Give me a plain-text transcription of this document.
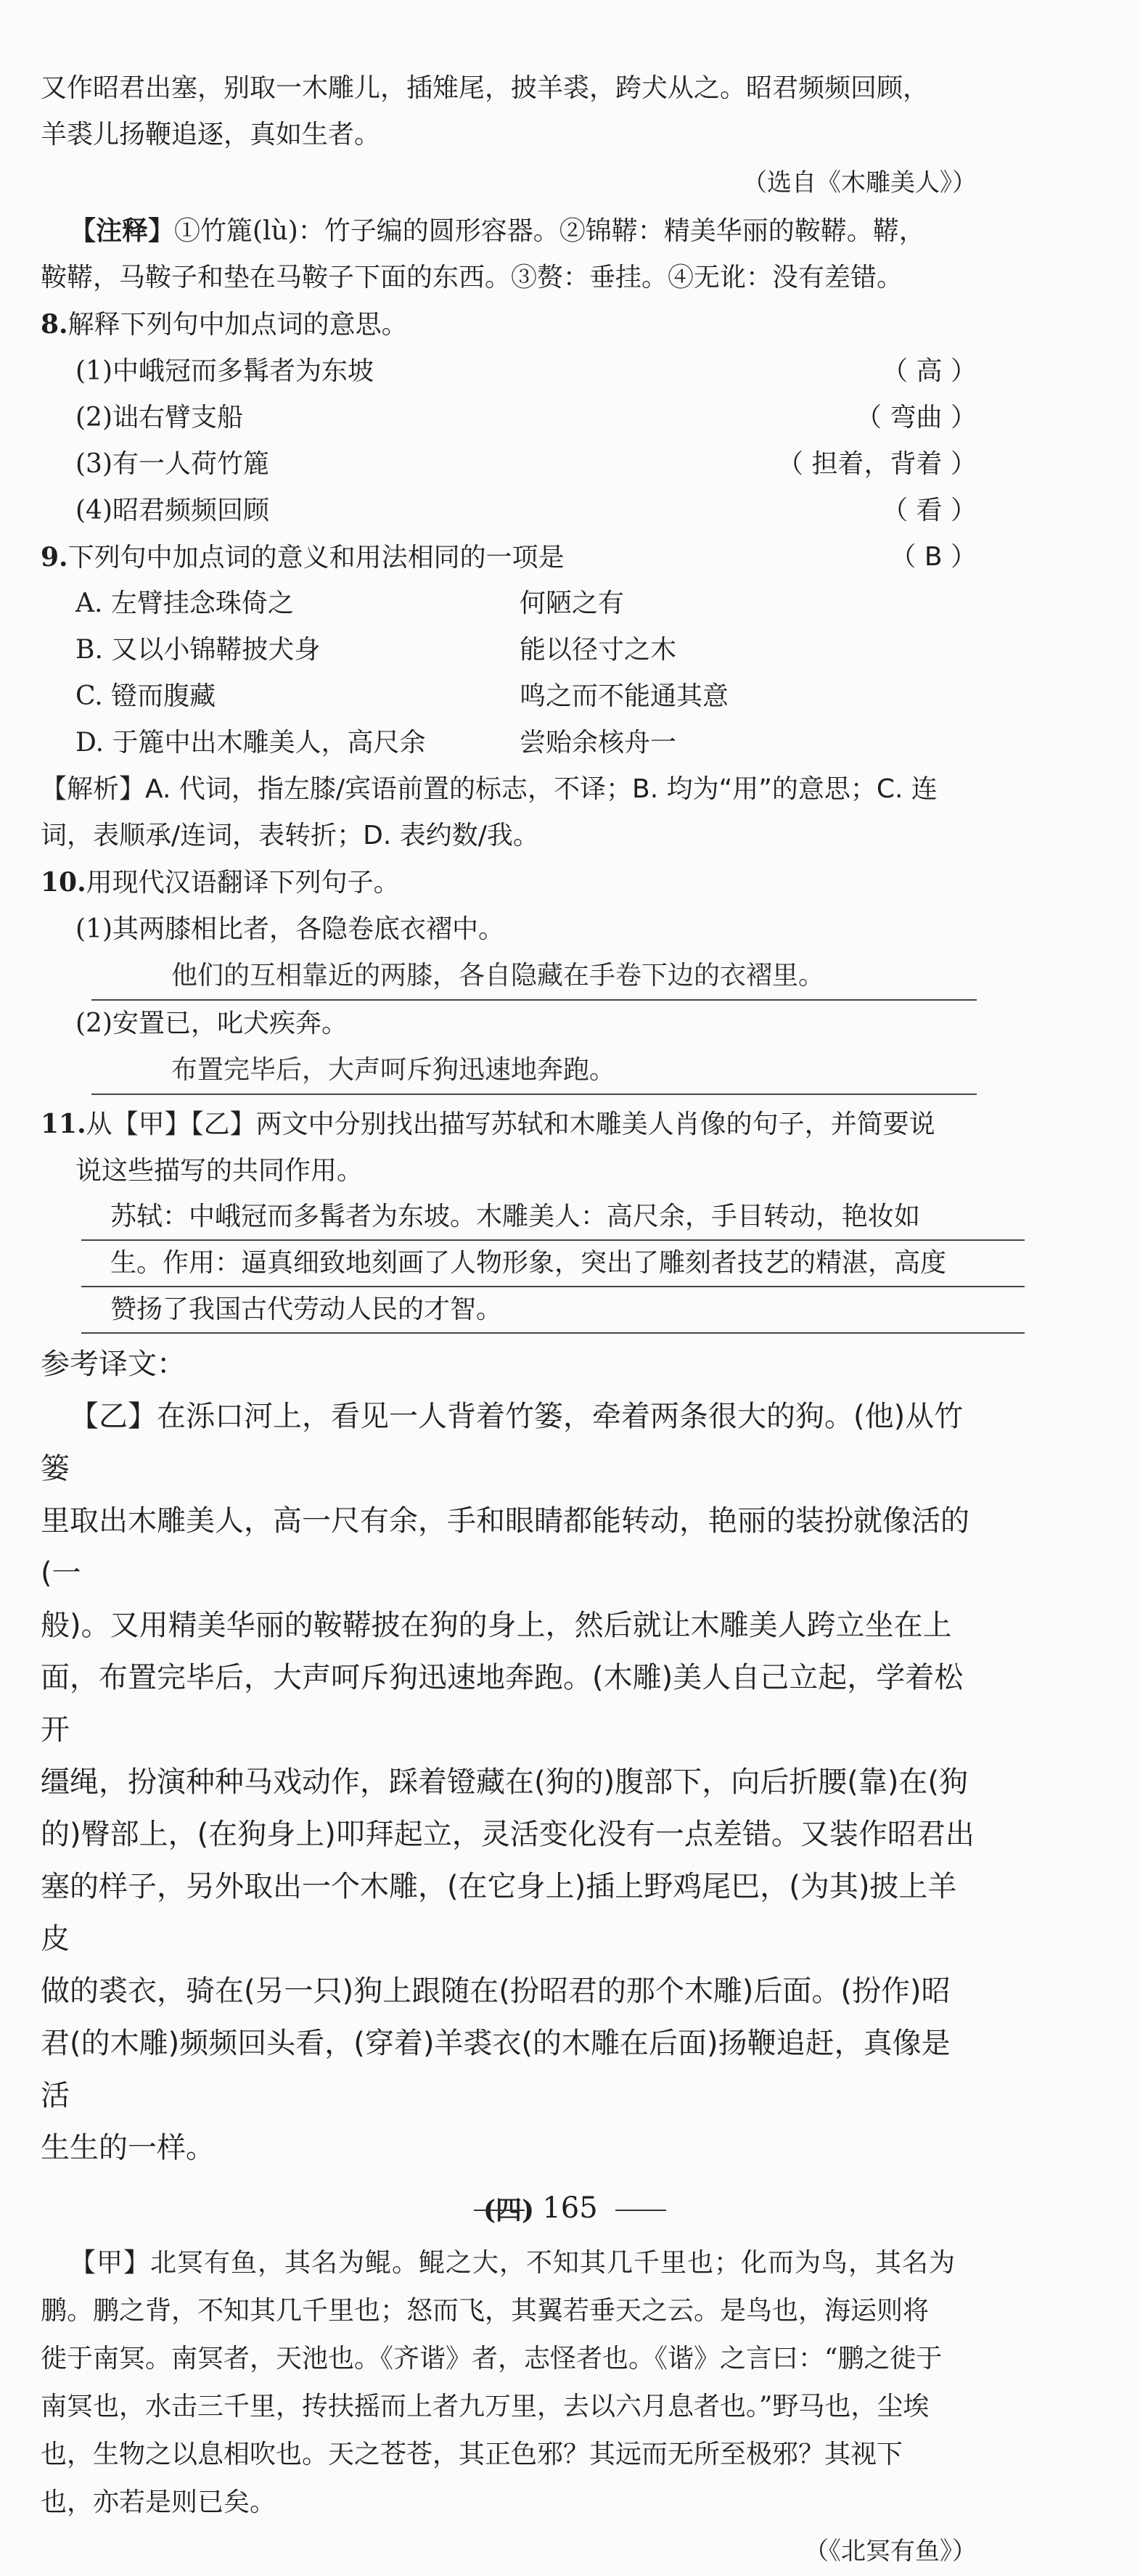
又作昭君出塞，别取一木雕儿，插雉尾，披羊裘，跨犬从之。昭君频频回顾，

羊裘儿扬鞭追逐，真如生者。

（选自《木雕美人》）

【注释】①竹簏(lù)：竹子编的圆形容器。②锦鞯：精美华丽的鞍鞯。鞯，

鞍鞯，马鞍子和垫在马鞍子下面的东西。③赘：垂挂。④无讹：没有差错。

8.解释下列句中加点词的意思。

(1)中峨冠而多髯者为东坡	（ 高 ）
(2)诎右臂支船	（ 弯曲 ）
(3)有一人荷竹簏	（ 担着，背着 ）
(4)昭君频频回顾	（ 看 ）
9.下列句中加点词的意义和用法相同的一项是	（ B ）
A. 左臂挂念珠倚之	何陋之有
B. 又以小锦鞯披犬身	能以径寸之木
C. 镫而腹藏	鸣之而不能通其意
D. 于簏中出木雕美人，高尺余	尝贻余核舟一

【解析】A. 代词，指左膝/宾语前置的标志，不译；B. 均为“用”的意思；C. 连

词，表顺承/连词，表转折；D. 表约数/我。

10.用现代汉语翻译下列句子。

(1)其两膝相比者，各隐卷底衣褶中。

他们的互相靠近的两膝，各自隐藏在手卷下边的衣褶里。

(2)安置已，叱犬疾奔。

布置完毕后，大声呵斥狗迅速地奔跑。

11.从【甲】【乙】两文中分别找出描写苏轼和木雕美人肖像的句子，并简要说

说这些描写的共同作用。

苏轼：中峨冠而多髯者为东坡。木雕美人：高尺余，手目转动，艳妆如
生。作用：逼真细致地刻画了人物形象，突出了雕刻者技艺的精湛，高度
赞扬了我国古代劳动人民的才智。

参考译文：

【乙】在泺口河上，看见一人背着竹篓，牵着两条很大的狗。(他)从竹篓

里取出木雕美人，高一尺有余，手和眼睛都能转动，艳丽的装扮就像活的(一

般)。又用精美华丽的鞍鞯披在狗的身上，然后就让木雕美人跨立坐在上

面，布置完毕后，大声呵斥狗迅速地奔跑。(木雕)美人自己立起，学着松开

缰绳，扮演种种马戏动作，踩着镫藏在(狗的)腹部下，向后折腰(靠)在(狗

的)臀部上，(在狗身上)叩拜起立，灵活变化没有一点差错。又装作昭君出

塞的样子，另外取出一个木雕，(在它身上)插上野鸡尾巴，(为其)披上羊皮

做的裘衣，骑在(另一只)狗上跟随在(扮昭君的那个木雕)后面。(扮作)昭

君(的木雕)频频回头看，(穿着)羊裘衣(的木雕在后面)扬鞭追赶，真像是活

生生的一样。

(四)

【甲】北冥有鱼，其名为鲲。鲲之大，不知其几千里也；化而为鸟，其名为

鹏。鹏之背，不知其几千里也；怒而飞，其翼若垂天之云。是鸟也，海运则将

徙于南冥。南冥者，天池也。《齐谐》者，志怪者也。《谐》之言曰：“鹏之徙于

南冥也，水击三千里，抟扶摇而上者九万里，去以六月息者也。”野马也，尘埃

也，生物之以息相吹也。天之苍苍，其正色邪？其远而无所至极邪？其视下

也，亦若是则已矣。

（《北冥有鱼》）

165
